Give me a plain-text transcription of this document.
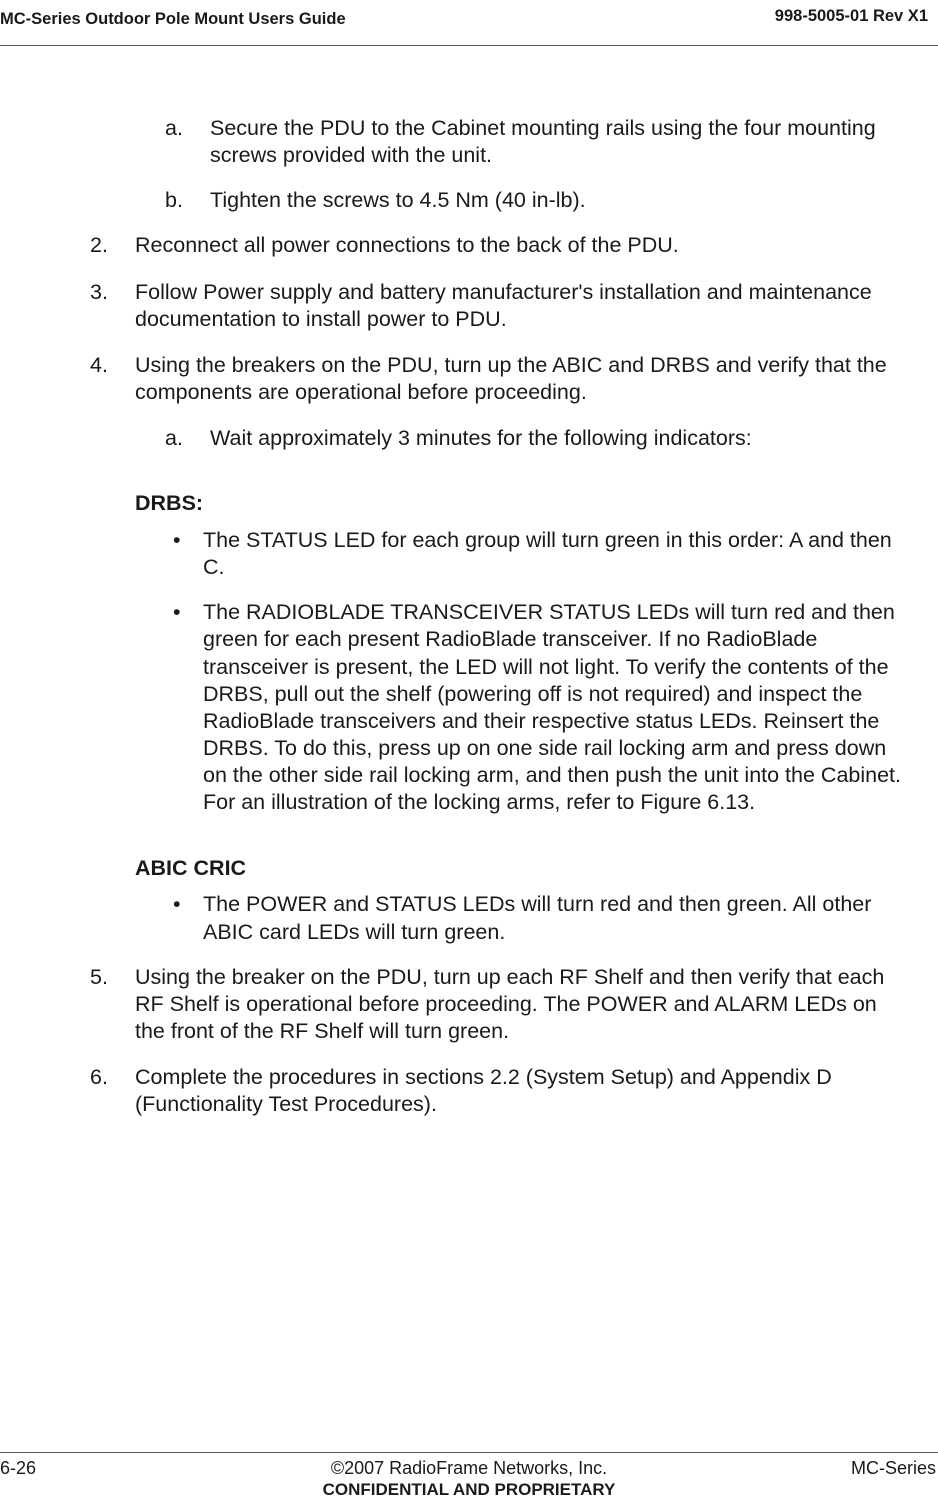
MC-Series Outdoor Pole Mount Users Guide	998-5005-01 Rev X1
a. Secure the PDU to the Cabinet mounting rails using the four mounting
screws provided with the unit.
b. Tighten the screws to 4.5 Nm (40 in-lb).
2. Reconnect all power connections to the back of the PDU.
3. Follow Power supply and battery manufacturer's installation and maintenance
documentation to install power to PDU.
4. Using the breakers on the PDU, turn up the ABIC and DRBS and verify that the
components are operational before proceeding.
a. Wait approximately 3 minutes for the following indicators:
DRBS:
• The STATUS LED for each group will turn green in this order: A and then
C.
• The RADIOBLADE TRANSCEIVER STATUS LEDs will turn red and then
green for each present RadioBlade transceiver. If no RadioBlade
transceiver is present, the LED will not light. To verify the contents of the
DRBS, pull out the shelf (powering off is not required) and inspect the
RadioBlade transceivers and their respective status LEDs. Reinsert the
DRBS. To do this, press up on one side rail locking arm and press down
on the other side rail locking arm, and then push the unit into the Cabinet.
For an illustration of the locking arms, refer to Figure 6.13.
ABIC CRIC
• The POWER and STATUS LEDs will turn red and then green. All other
ABIC card LEDs will turn green.
5. Using the breaker on the PDU, turn up each RF Shelf and then verify that each
RF Shelf is operational before proceeding. The POWER and ALARM LEDs on
the front of the RF Shelf will turn green.
6. Complete the procedures in sections 2.2 (System Setup) and Appendix D
(Functionality Test Procedures).
6-26	©2007 RadioFrame Networks, Inc.	MC-Series
CONFIDENTIAL AND PROPRIETARY
